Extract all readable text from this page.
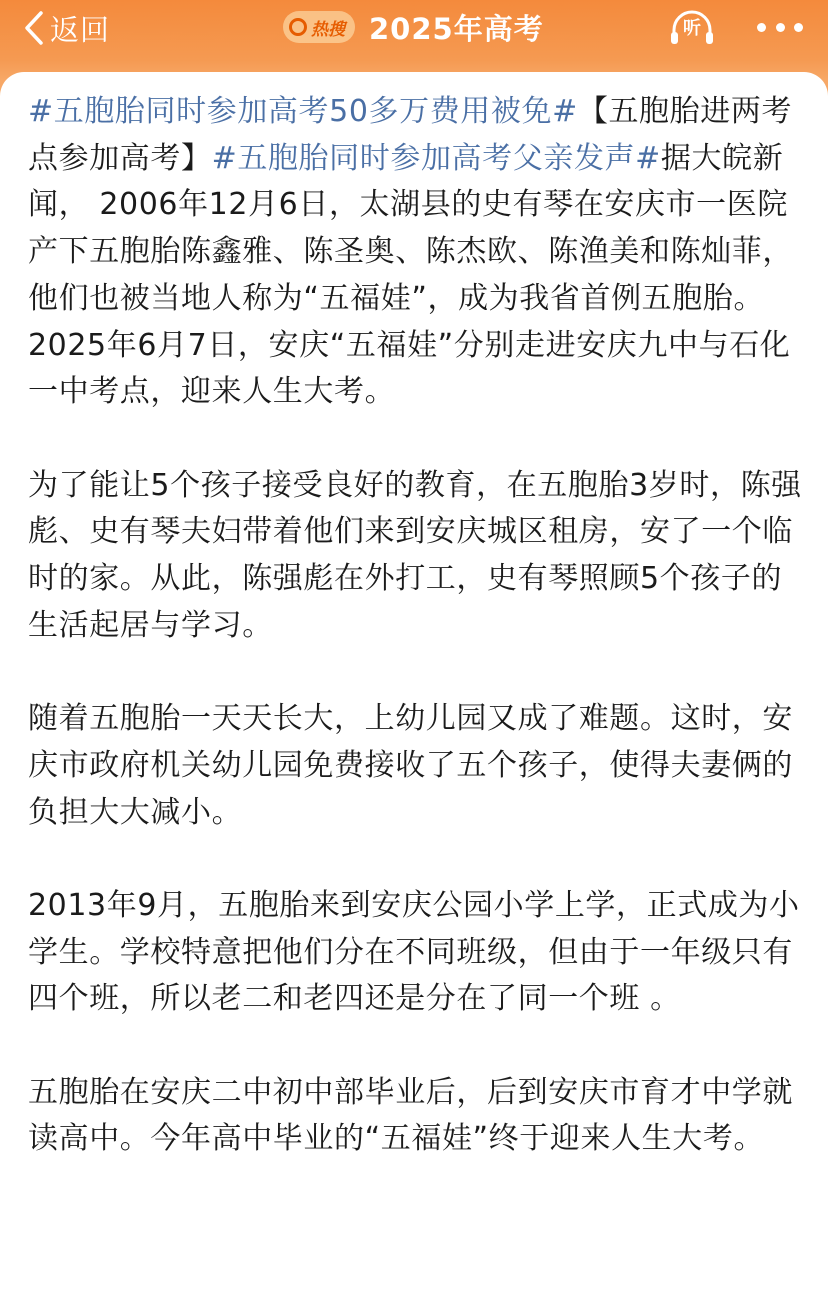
返回	热搜 2025年高考	听

#五胞胎同时参加高考50多万费用被免#【五胞胎进两考点参加高考】#五胞胎同时参加高考父亲发声#据大皖新闻， 2006年12月6日，太湖县的史有琴在安庆市一医院产下五胞胎陈鑫雅、陈圣奥、陈杰欧、陈渔美和陈灿菲，他们也被当地人称为“五福娃”，成为我省首例五胞胎。2025年6月7日，安庆“五福娃”分别走进安庆九中与石化一中考点，迎来人生大考。

为了能让5个孩子接受良好的教育，在五胞胎3岁时，陈强彪、史有琴夫妇带着他们来到安庆城区租房，安了一个临时的家。从此，陈强彪在外打工，史有琴照顾5个孩子的生活起居与学习。

随着五胞胎一天天长大，上幼儿园又成了难题。这时，安庆市政府机关幼儿园免费接收了五个孩子，使得夫妻俩的负担大大减小。

2013年9月，五胞胎来到安庆公园小学上学，正式成为小学生。学校特意把他们分在不同班级，但由于一年级只有四个班，所以老二和老四还是分在了同一个班 。

五胞胎在安庆二中初中部毕业后，后到安庆市育才中学就读高中。今年高中毕业的“五福娃”终于迎来人生大考。
